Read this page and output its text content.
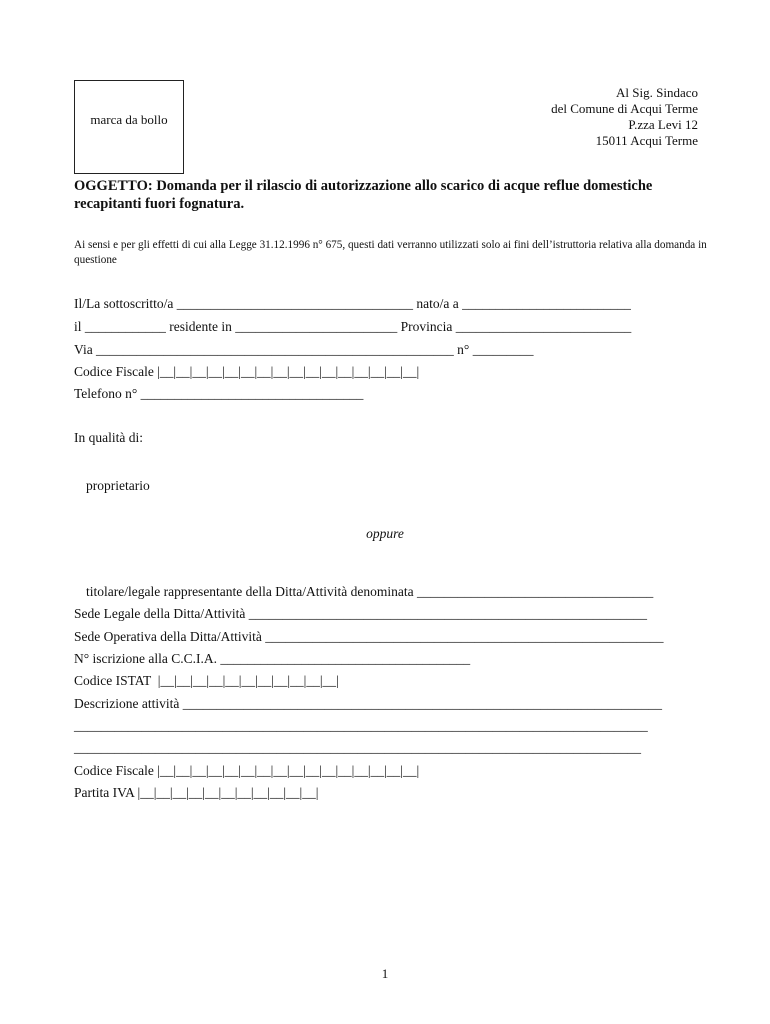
marca da bollo
Al Sig. Sindaco
del Comune di Acqui Terme
P.zza Levi 12
15011 Acqui Terme
OGGETTO: Domanda per il rilascio di autorizzazione allo scarico di acque reflue domestiche recapitanti fuori fognatura.
Ai sensi e per gli effetti di cui alla Legge 31.12.1996 n° 675, questi dati verranno utilizzati solo ai fini dell’istruttoria relativa alla domanda in questione
Il/La sottoscritto/a ___________________________________ nato/a a _________________________
il ____________ residente in ________________________ Provincia __________________________
Via _____________________________________________________ n° _________
Codice Fiscale |__|__|__|__|__|__|__|__|__|__|__|__|__|__|__|__|
Telefono n° _________________________________
In qualità di:
proprietario
oppure
titolare/legale rappresentante della Ditta/Attività denominata ___________________________________
Sede Legale della Ditta/Attività ___________________________________________________________
Sede Operativa della Ditta/Attività ___________________________________________________________
N° iscrizione alla C.C.I.A. _____________________________________
Codice ISTAT  |__|__|__|__|__|__|__|__|__|__|__|
Descrizione attività _______________________________________________________________________
_____________________________________________________________________________________
____________________________________________________________________________________
Codice Fiscale |__|__|__|__|__|__|__|__|__|__|__|__|__|__|__|__|
Partita IVA |__|__|__|__|__|__|__|__|__|__|__|
1
